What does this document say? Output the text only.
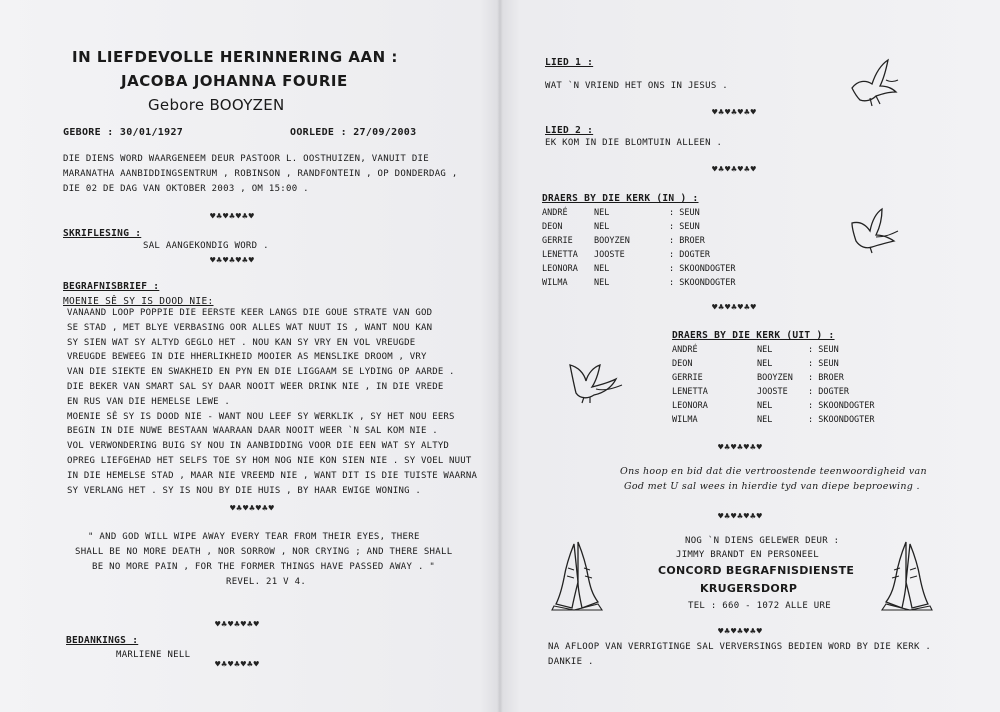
IN LIEFDEVOLLE HERINNERING AAN :
JACOBA JOHANNA FOURIE
Gebore BOOYZEN
GEBORE : 30/01/1927	OORLEDE : 27/09/2003
DIE DIENS WORD WAARGENEEM DEUR PASTOOR L. OOSTHUIZEN, VANUIT DIE
MARANATHA AANBIDDINGSENTRUM , ROBINSON , RANDFONTEIN , OP DONDERDAG ,
DIE 02 DE DAG VAN OKTOBER 2003 , OM 15:00 .
♥♣♥♣♥♣♥
SKRIFLESING :
SAL AANGEKONDIG WORD .
♥♣♥♣♥♣♥
BEGRAFNISBRIEF :
MOENIE SÊ SY IS DOOD NIE:
VANAAND LOOP POPPIE DIE EERSTE KEER LANGS DIE GOUE STRATE VAN GOD
SE STAD , MET BLYE VERBASING OOR ALLES WAT NUUT IS , WANT NOU KAN
SY SIEN WAT SY ALTYD GEGLO HET . NOU KAN SY VRY EN VOL VREUGDE
VREUGDE BEWEEG IN DIE HHERLIKHEID MOOIER AS MENSLIKE DROOM , VRY
VAN DIE SIEKTE EN SWAKHEID EN PYN EN DIE LIGGAAM SE LYDING OP AARDE .
DIE BEKER VAN SMART SAL SY DAAR NOOIT WEER DRINK NIE , IN DIE VREDE
EN RUS VAN DIE HEMELSE LEWE .
MOENIE SÊ SY IS DOOD NIE - WANT NOU LEEF SY WERKLIK , SY HET NOU EERS
BEGIN IN DIE NUWE BESTAAN WAARAAN DAAR NOOIT WEER `N SAL KOM NIE .
VOL VERWONDERING BUIG SY NOU IN AANBIDDING VOOR DIE EEN WAT SY ALTYD
OPREG LIEFGEHAD HET SELFS TOE SY HOM NOG NIE KON SIEN NIE . SY VOEL NUUT
IN DIE HEMELSE STAD , MAAR NIE VREEMD NIE , WANT DIT IS DIE TUISTE WAARNA
SY VERLANG HET . SY IS NOU BY DIE HUIS , BY HAAR EWIGE WONING .
♥♣♥♣♥♣♥
" AND GOD WILL WIPE AWAY EVERY TEAR FROM THEIR EYES, THERE
SHALL BE NO MORE DEATH , NOR SORROW , NOR CRYING ; AND THERE SHALL
BE NO MORE PAIN , FOR THE FORMER THINGS HAVE PASSED AWAY . "
REVEL. 21 V 4.
♥♣♥♣♥♣♥
BEDANKINGS :
MARLIENE NELL
♥♣♥♣♥♣♥
LIED 1 :
WAT `N VRIEND HET ONS IN JESUS .
♥♣♥♣♥♣♥
LIED 2 :
EK KOM IN DIE BLOMTUIN ALLEEN .
♥♣♥♣♥♣♥
DRAERS BY DIE KERK (IN ) :
ANDRÉ	NEL	: SEUN
DEON	NEL	: SEUN
GERRIE	BOOYZEN	: BROER
LENETTA JOOSTE	: DOGTER
LEONORA NEL	: SKOONDOGTER
WILMA	NEL	: SKOONDOGTER
♥♣♥♣♥♣♥
DRAERS BY DIE KERK (UIT ) :
ANDRÉ	NEL	: SEUN
DEON	NEL	: SEUN
GERRIE	BOOYZEN : BROER
LENETTA	JOOSTE : DOGTER
LEONORA	NEL	: SKOONDOGTER
WILMA	NEL	: SKOONDOGTER
♥♣♥♣♥♣♥
Ons hoop en bid dat die vertroostende teenwoordigheid van
God met U sal wees in hierdie tyd van diepe beproewing .
♥♣♥♣♥♣♥
NOG `N DIENS GELEWER DEUR :
JIMMY BRANDT EN PERSONEEL
CONCORD BEGRAFNISDIENSTE
KRUGERSDORP
TEL : 660 - 1072 ALLE URE
♥♣♥♣♥♣♥
NA AFLOOP VAN VERRIGTINGE SAL VERVERSINGS BEDIEN WORD BY DIE KERK .
DANKIE .
